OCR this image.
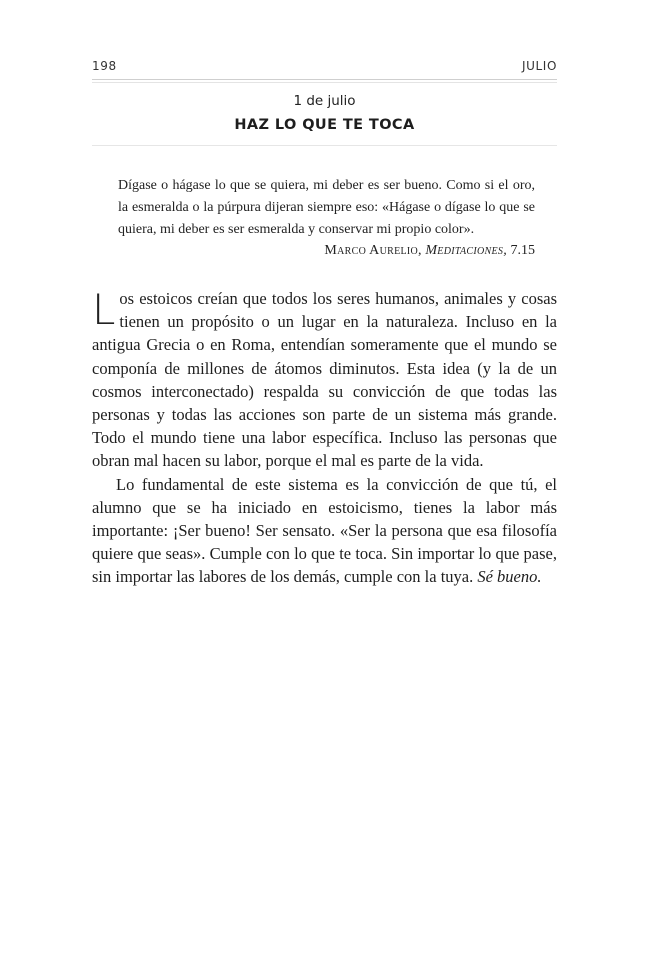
198	JULIO
1 de julio
HAZ LO QUE TE TOCA

Dígase o hágase lo que se quiera, mi deber es ser bueno. Como si el oro, la esmeralda o la púrpura dijeran siempre eso: «Hágase o dígase lo que se quiera, mi deber es ser esmeralda y conservar mi propio color».

Marco Aurelio, Meditaciones, 7.15

Los estoicos creían que todos los seres humanos, animales y cosas tienen un propósito o un lugar en la naturaleza. Incluso en la antigua Grecia o en Roma, entendían someramente que el mundo se componía de millones de átomos diminutos. Esta idea (y la de un cosmos interconectado) respalda su convicción de que todas las personas y todas las acciones son parte de un sistema más grande. Todo el mundo tiene una labor específica. Incluso las personas que obran mal hacen su labor, porque el mal es parte de la vida.

Lo fundamental de este sistema es la convicción de que tú, el alumno que se ha iniciado en estoicismo, tienes la labor más importante: ¡Ser bueno! Ser sensato. «Ser la persona que esa filosofía quiere que seas». Cumple con lo que te toca. Sin importar lo que pase, sin importar las labores de los demás, cumple con la tuya. Sé bueno.
